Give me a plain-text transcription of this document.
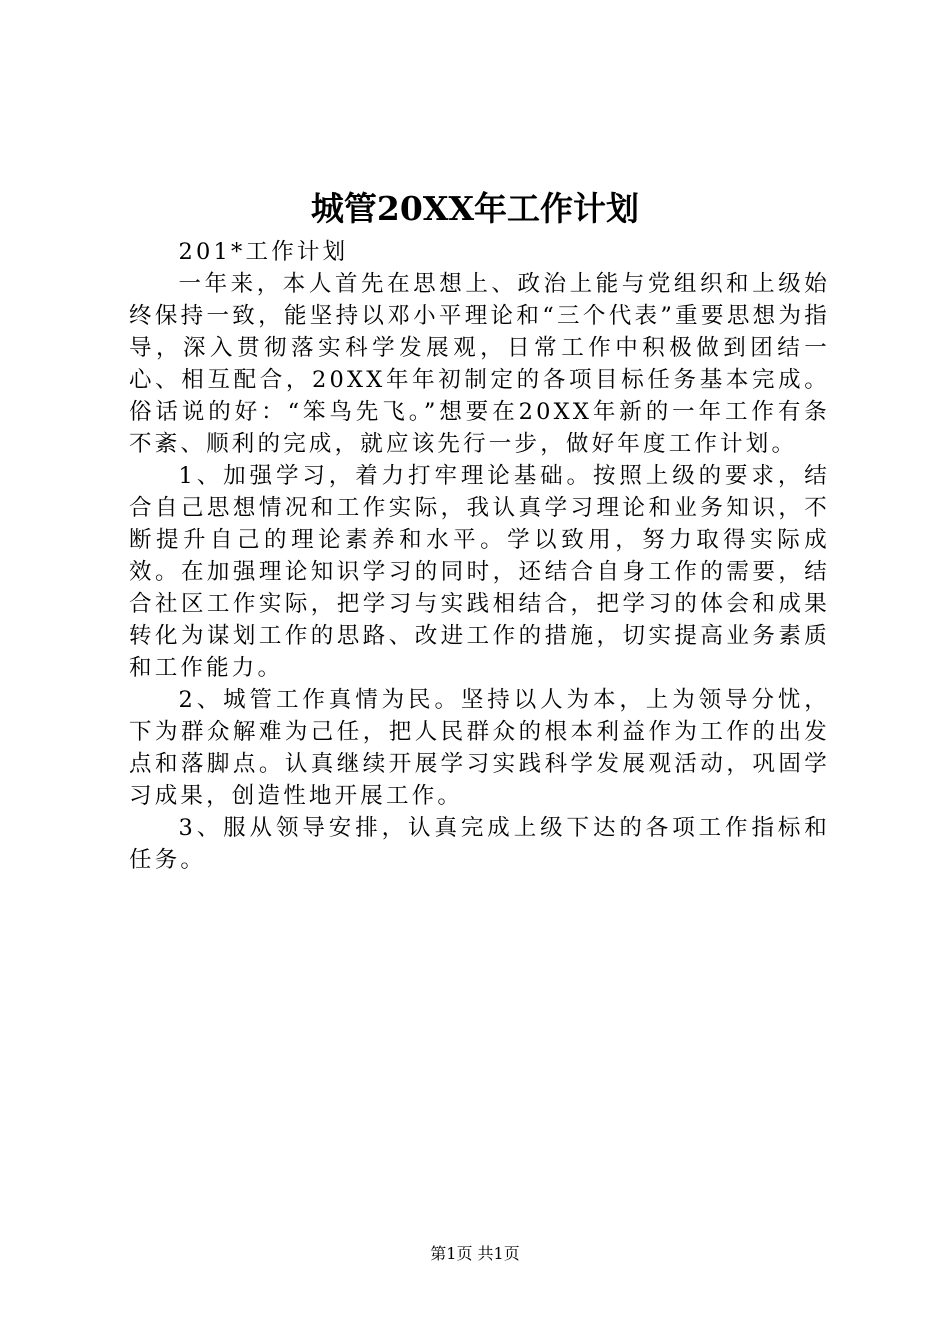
城管20XX年工作计划

201*工作计划

一年来，本人首先在思想上、政治上能与党组织和上级始终保持一致，能坚持以邓小平理论和“三个代表”重要思想为指导，深入贯彻落实科学发展观，日常工作中积极做到团结一心、相互配合，20XX年年初制定的各项目标任务基本完成。俗话说的好：“笨鸟先飞。”想要在20XX年新的一年工作有条不紊、顺利的完成，就应该先行一步，做好年度工作计划。

1、加强学习，着力打牢理论基础。按照上级的要求，结合自己思想情况和工作实际，我认真学习理论和业务知识，不断提升自己的理论素养和水平。学以致用，努力取得实际成效。在加强理论知识学习的同时，还结合自身工作的需要，结合社区工作实际，把学习与实践相结合，把学习的体会和成果转化为谋划工作的思路、改进工作的措施，切实提高业务素质和工作能力。

2、城管工作真情为民。坚持以人为本，上为领导分忧，下为群众解难为己任，把人民群众的根本利益作为工作的出发点和落脚点。认真继续开展学习实践科学发展观活动，巩固学习成果，创造性地开展工作。

3、服从领导安排，认真完成上级下达的各项工作指标和任务。

第1页 共1页
